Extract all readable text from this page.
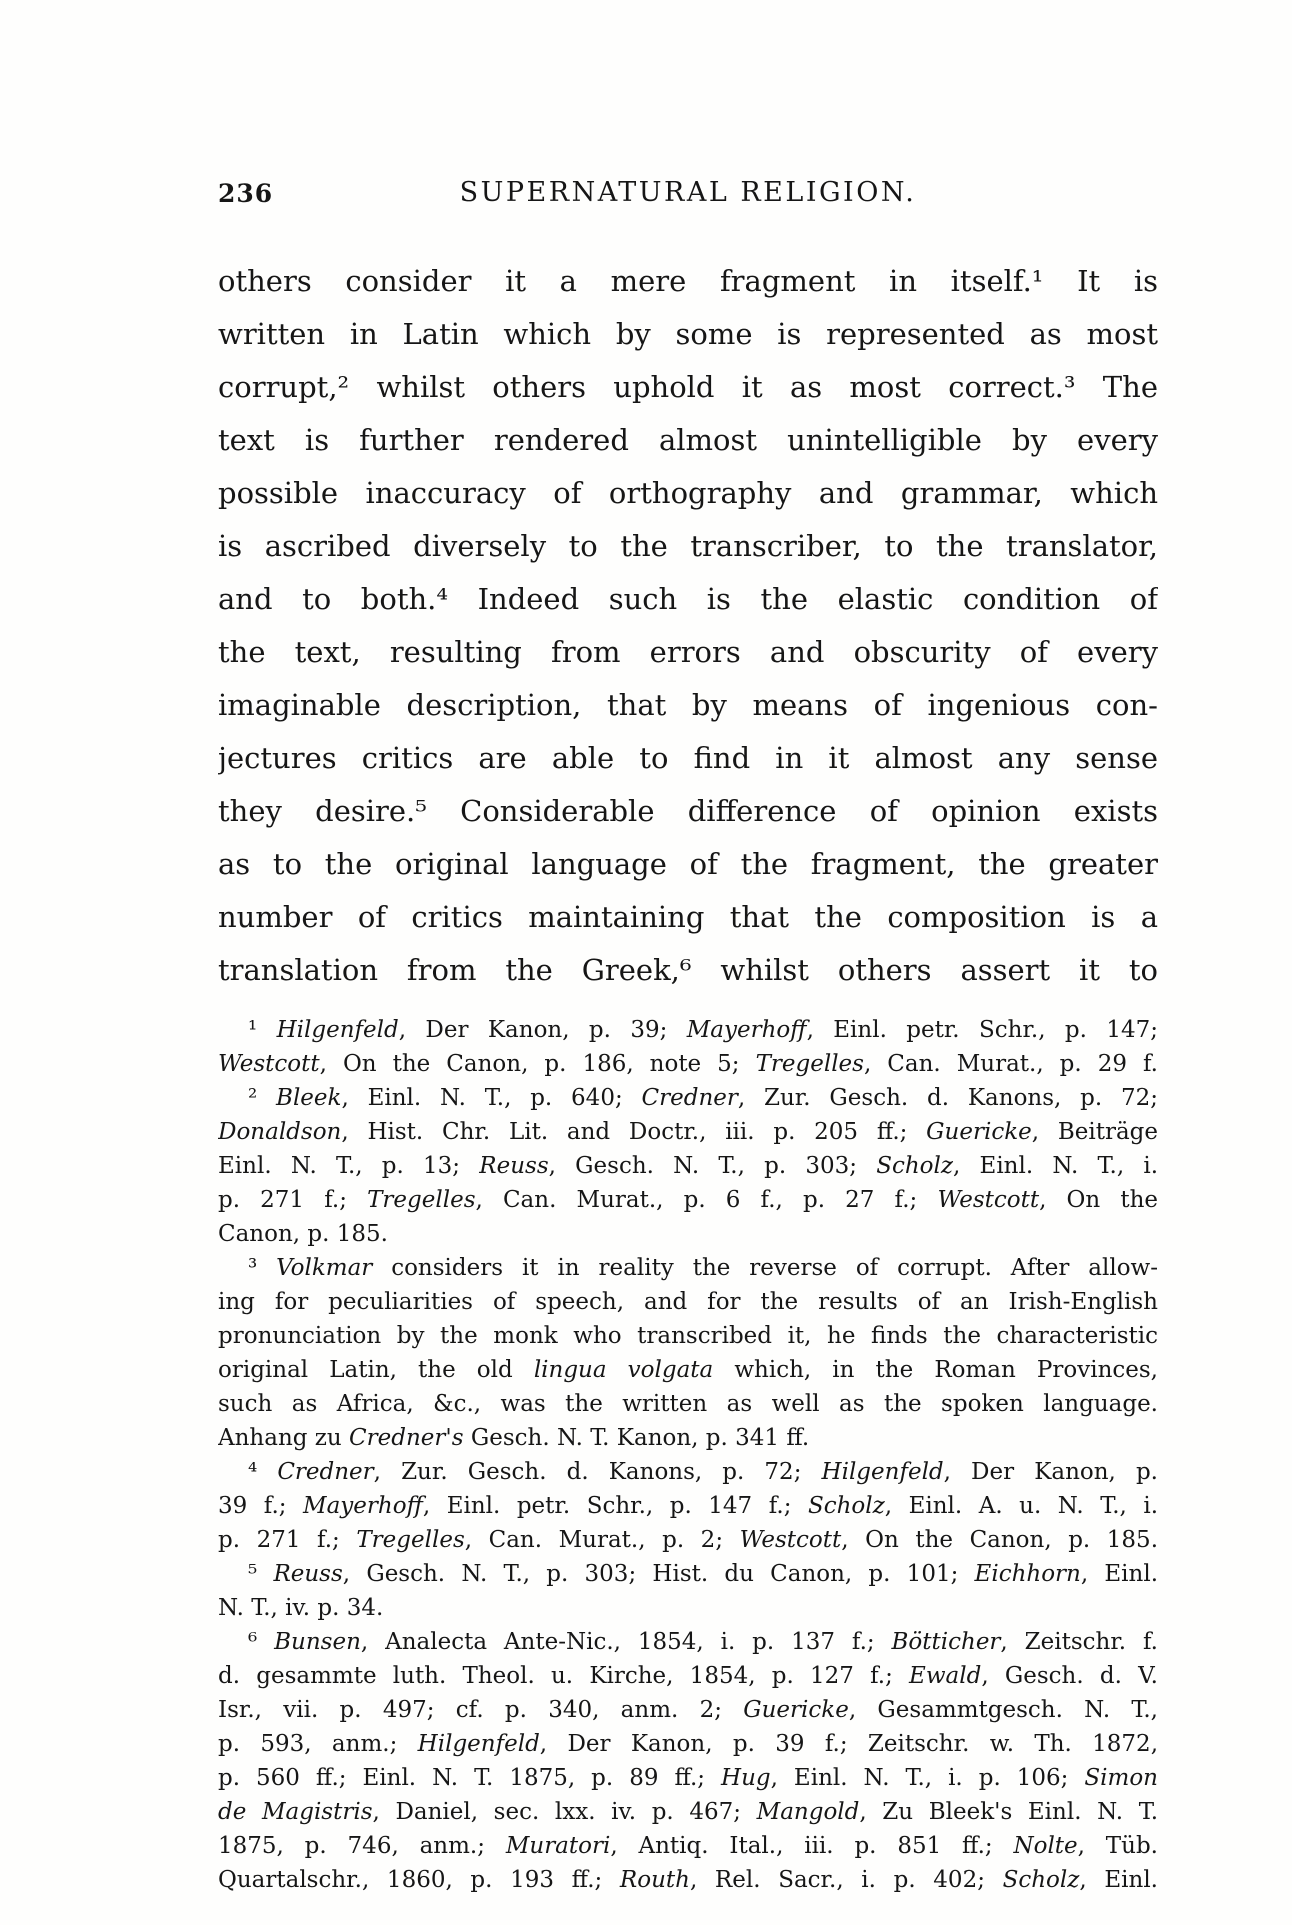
236	SUPERNATURAL RELIGION.
others consider it a mere fragment in itself.¹ It is
written in Latin which by some is represented as most
corrupt,² whilst others uphold it as most correct.³ The
text is further rendered almost unintelligible by every
possible inaccuracy of orthography and grammar, which
is ascribed diversely to the transcriber, to the translator,
and to both.⁴ Indeed such is the elastic condition of
the text, resulting from errors and obscurity of every
imaginable description, that by means of ingenious con-
jectures critics are able to find in it almost any sense
they desire.⁵ Considerable difference of opinion exists
as to the original language of the fragment, the greater
number of critics maintaining that the composition is a
translation from the Greek,⁶ whilst others assert it to
¹ Hilgenfeld, Der Kanon, p. 39; Mayerhoff, Einl. petr. Schr., p. 147;
Westcott, On the Canon, p. 186, note 5; Tregelles, Can. Murat., p. 29 f.
² Bleek, Einl. N. T., p. 640; Credner, Zur. Gesch. d. Kanons, p. 72;
Donaldson, Hist. Chr. Lit. and Doctr., iii. p. 205 ff.; Guericke, Beiträge
Einl. N. T., p. 13; Reuss, Gesch. N. T., p. 303; Scholz, Einl. N. T., i.
p. 271 f.; Tregelles, Can. Murat., p. 6 f., p. 27 f.; Westcott, On the
Canon, p. 185.
³ Volkmar considers it in reality the reverse of corrupt. After allow-
ing for peculiarities of speech, and for the results of an Irish-English
pronunciation by the monk who transcribed it, he finds the characteristic
original Latin, the old lingua volgata which, in the Roman Provinces,
such as Africa, &c., was the written as well as the spoken language.
Anhang zu Credner's Gesch. N. T. Kanon, p. 341 ff.
⁴ Credner, Zur. Gesch. d. Kanons, p. 72; Hilgenfeld, Der Kanon, p.
39 f.; Mayerhoff, Einl. petr. Schr., p. 147 f.; Scholz, Einl. A. u. N. T., i.
p. 271 f.; Tregelles, Can. Murat., p. 2; Westcott, On the Canon, p. 185.
⁵ Reuss, Gesch. N. T., p. 303; Hist. du Canon, p. 101; Eichhorn, Einl.
N. T., iv. p. 34.
⁶ Bunsen, Analecta Ante-Nic., 1854, i. p. 137 f.; Bötticher, Zeitschr. f.
d. gesammte luth. Theol. u. Kirche, 1854, p. 127 f.; Ewald, Gesch. d. V.
Isr., vii. p. 497; cf. p. 340, anm. 2; Guericke, Gesammtgesch. N. T.,
p. 593, anm.; Hilgenfeld, Der Kanon, p. 39 f.; Zeitschr. w. Th. 1872,
p. 560 ff.; Einl. N. T. 1875, p. 89 ff.; Hug, Einl. N. T., i. p. 106; Simon
de Magistris, Daniel, sec. lxx. iv. p. 467; Mangold, Zu Bleek's Einl. N. T.
1875, p. 746, anm.; Muratori, Antiq. Ital., iii. p. 851 ff.; Nolte, Tüb.
Quartalschr., 1860, p. 193 ff.; Routh, Rel. Sacr., i. p. 402; Scholz, Einl.
